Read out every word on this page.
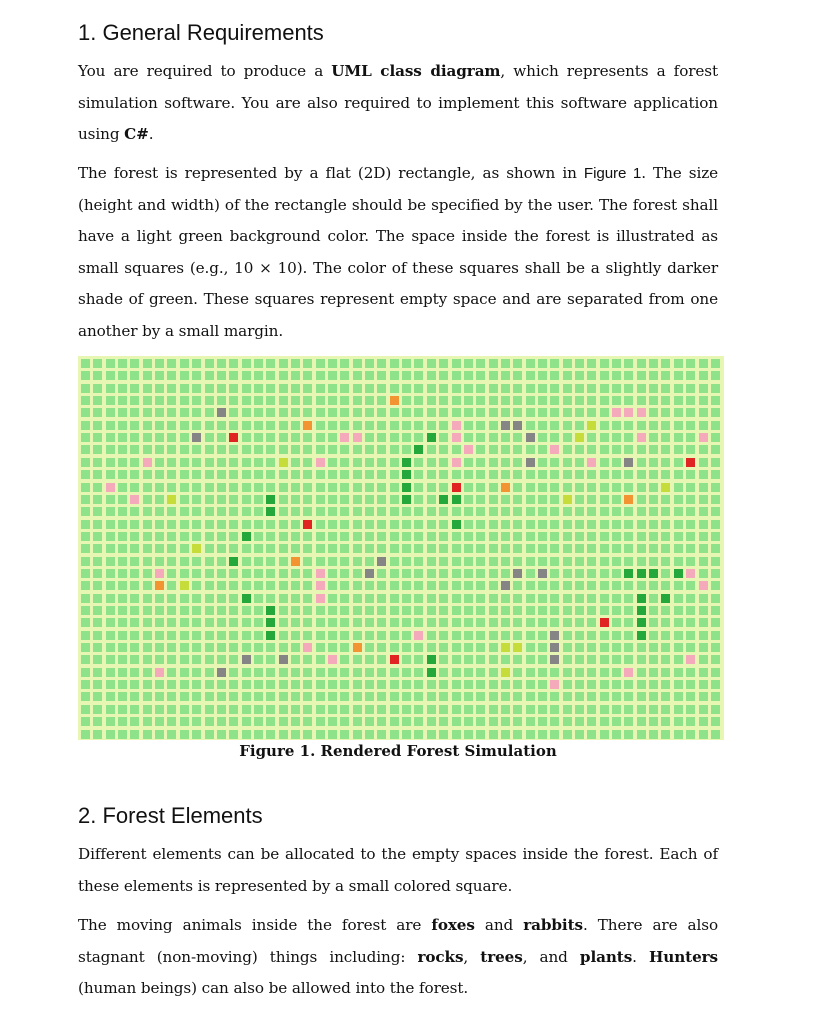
1. General Requirements

You are required to produce a UML class diagram, which represents a forest simulation software. You are also required to implement this software application using C#.

The forest is represented by a flat (2D) rectangle, as shown in Figure 1. The size (height and width) of the rectangle should be specified by the user. The forest shall have a light green background color. The space inside the forest is illustrated as small squares (e.g., 10 × 10). The color of these squares shall be a slightly darker shade of green. These squares represent empty space and are separated from one another by a small margin.

Figure 1. Rendered Forest Simulation
2. Forest Elements

Different elements can be allocated to the empty spaces inside the forest. Each of these elements is represented by a small colored square.

The moving animals inside the forest are foxes and rabbits. There are also stagnant (non-moving) things including: rocks, trees, and plants. Hunters (human beings) can also be allowed into the forest.
